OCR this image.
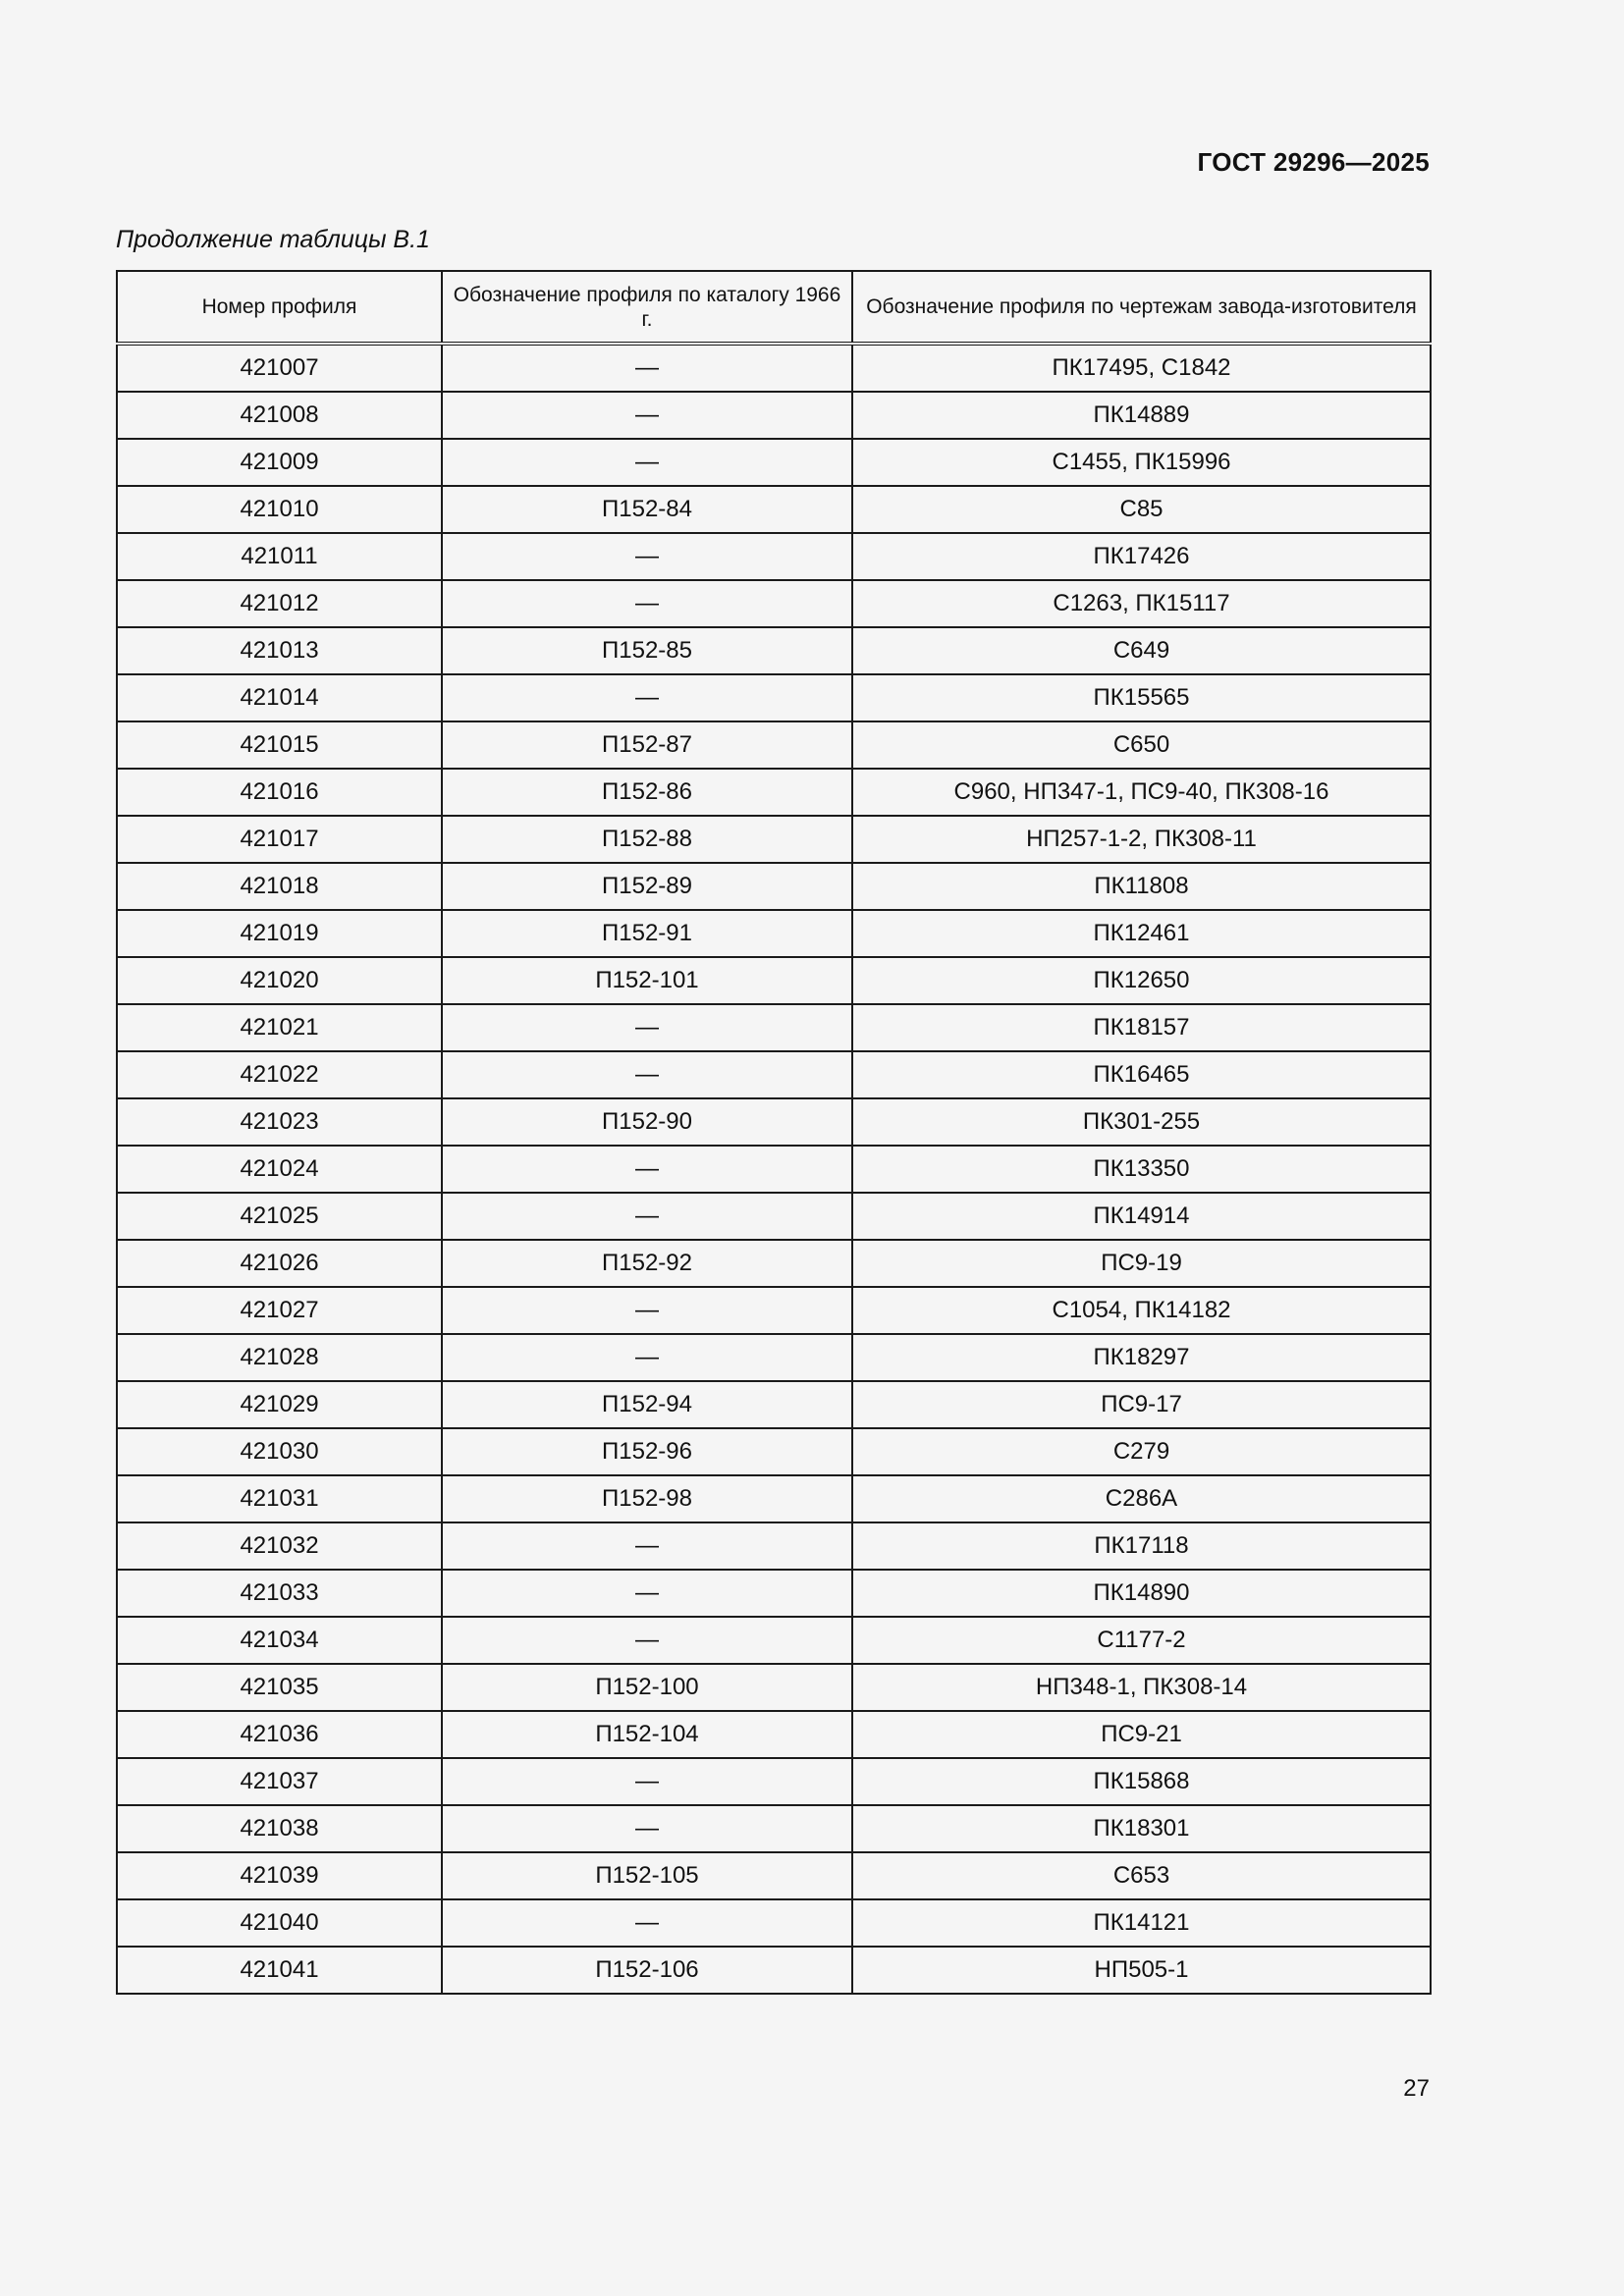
ГОСТ 29296—2025
Продолжение таблицы В.1
Номер профиля	Обозначение профиля по каталогу 1966 г.	Обозначение профиля по чертежам завода-изготовителя
421007	—	ПК17495, С1842
421008	—	ПК14889
421009	—	С1455, ПК15996
421010	П152-84	С85
421011	—	ПК17426
421012	—	С1263, ПК15117
421013	П152-85	С649
421014	—	ПК15565
421015	П152-87	С650
421016	П152-86	С960, НП347-1, ПС9-40, ПК308-16
421017	П152-88	НП257-1-2, ПК308-11
421018	П152-89	ПК11808
421019	П152-91	ПК12461
421020	П152-101	ПК12650
421021	—	ПК18157
421022	—	ПК16465
421023	П152-90	ПК301-255
421024	—	ПК13350
421025	—	ПК14914
421026	П152-92	ПС9-19
421027	—	С1054, ПК14182
421028	—	ПК18297
421029	П152-94	ПС9-17
421030	П152-96	С279
421031	П152-98	С286А
421032	—	ПК17118
421033	—	ПК14890
421034	—	С1177-2
421035	П152-100	НП348-1, ПК308-14
421036	П152-104	ПС9-21
421037	—	ПК15868
421038	—	ПК18301
421039	П152-105	С653
421040	—	ПК14121
421041	П152-106	НП505-1
27
